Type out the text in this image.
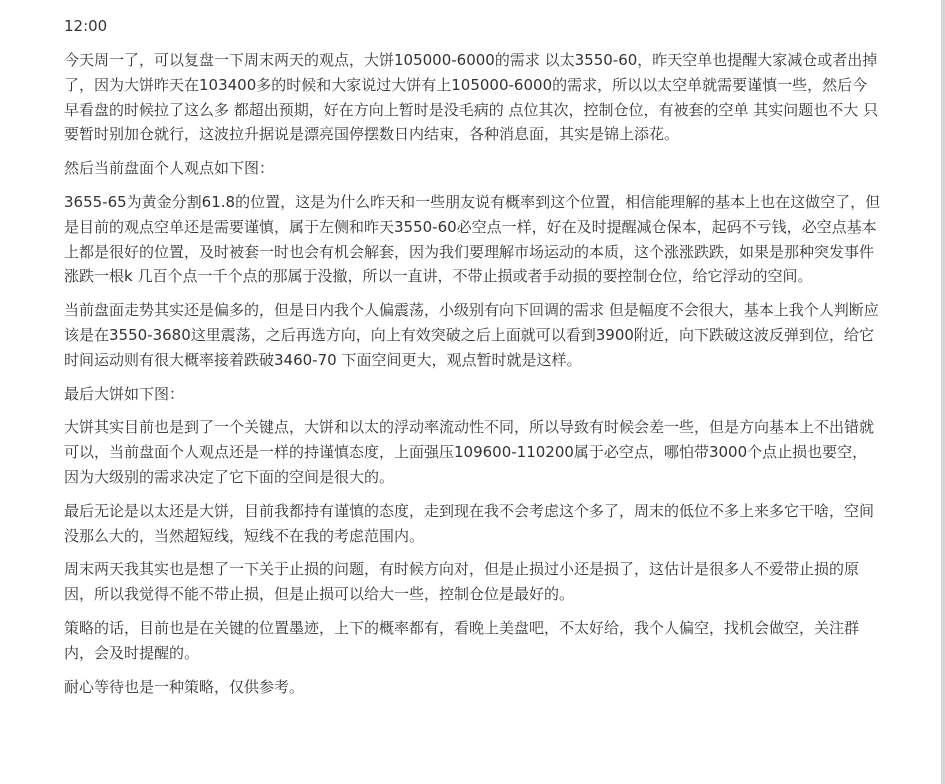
12:00

今天周一了，可以复盘一下周末两天的观点，大饼105000-6000的需求 以太3550-60，昨天空单也提醒大家减仓或者出掉了，因为大饼昨天在103400多的时候和大家说过大饼有上105000-6000的需求，所以以太空单就需要谨慎一些，然后今早看盘的时候拉了这么多 都超出预期，好在方向上暂时是没毛病的 点位其次，控制仓位，有被套的空单 其实问题也不大 只要暂时别加仓就行，这波拉升据说是漂亮国停摆数日内结束，各种消息面，其实是锦上添花。

然后当前盘面个人观点如下图：

3655-65为黄金分割61.8的位置，这是为什么昨天和一些朋友说有概率到这个位置，相信能理解的基本上也在这做空了，但是目前的观点空单还是需要谨慎，属于左侧和昨天3550-60必空点一样，好在及时提醒减仓保本，起码不亏钱，必空点基本上都是很好的位置，及时被套一时也会有机会解套，因为我们要理解市场运动的本质，这个涨涨跌跌，如果是那种突发事件涨跌一根k 几百个点一千个点的那属于没撤，所以一直讲，不带止损或者手动损的要控制仓位，给它浮动的空间。

当前盘面走势其实还是偏多的，但是日内我个人偏震荡，小级别有向下回调的需求 但是幅度不会很大，基本上我个人判断应该是在3550-3680这里震荡，之后再选方向，向上有效突破之后上面就可以看到3900附近，向下跌破这波反弹到位，给它时间运动则有很大概率接着跌破3460-70 下面空间更大，观点暂时就是这样。

最后大饼如下图：

大饼其实目前也是到了一个关键点，大饼和以太的浮动率流动性不同，所以导致有时候会差一些，但是方向基本上不出错就可以，当前盘面个人观点还是一样的持谨慎态度，上面强压109600-110200属于必空点，哪怕带3000个点止损也要空，因为大级别的需求决定了它下面的空间是很大的。

最后无论是以太还是大饼，目前我都持有谨慎的态度，走到现在我不会考虑这个多了，周末的低位不多上来多它干啥，空间没那么大的，当然超短线，短线不在我的考虑范围内。

周末两天我其实也是想了一下关于止损的问题，有时候方向对，但是止损过小还是损了，这估计是很多人不爱带止损的原因，所以我觉得不能不带止损，但是止损可以给大一些，控制仓位是最好的。

策略的话，目前也是在关键的位置墨迹，上下的概率都有，看晚上美盘吧，不太好给，我个人偏空，找机会做空，关注群内，会及时提醒的。

耐心等待也是一种策略，仅供参考。
